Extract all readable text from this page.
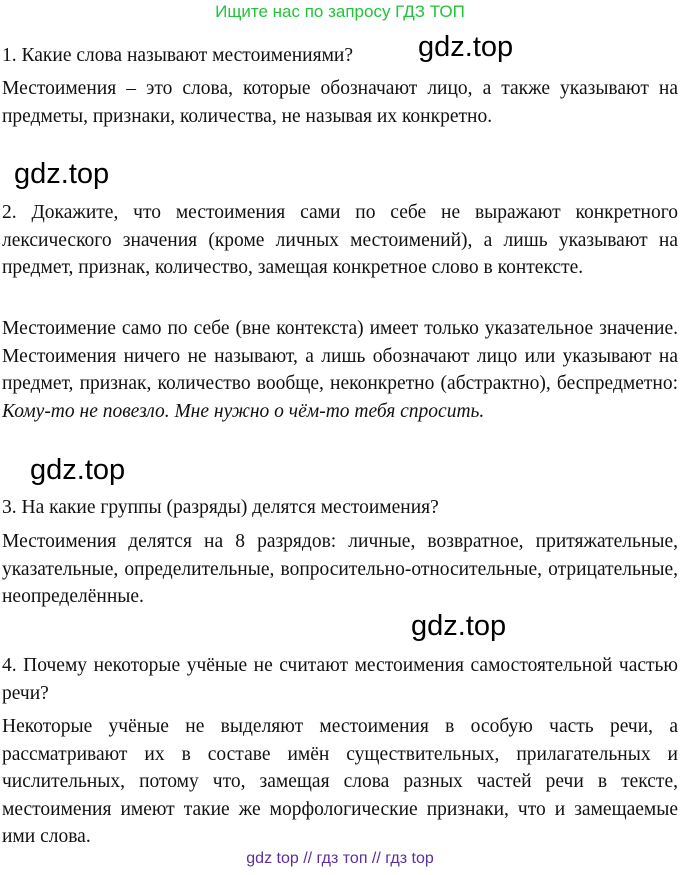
Ищите нас по запросу ГДЗ ТОП

1. Какие слова называют местоимениями?

Местоимения – это слова, которые обозначают лицо, а также указывают на предметы, признаки, количества, не называя их конкретно.

2. Докажите, что местоимения сами по себе не выражают конкретного лексического значения (кроме личных местоимений), а лишь указывают на предмет, признак, количество, замещая конкретное слово в контексте.

Местоимение само по себе (вне контекста) имеет только указательное значение. Местоимения ничего не называют, а лишь обозначают лицо или указывают на предмет, признак, количество вообще, неконкретно (абстрактно), беспредметно: Кому-то не повезло. Мне нужно о чём-то тебя спросить.

3. На какие группы (разряды) делятся местоимения?

Местоимения делятся на 8 разрядов: личные, возвратное, притяжательные, указательные, определительные, вопросительно-относительные, отрицательные, неопределённые.

4. Почему некоторые учёные не считают местоимения самостоятельной частью речи?

Некоторые учёные не выделяют местоимения в особую часть речи, а рассматривают их в составе имён существительных, прилагательных и числительных, потому что, замещая слова разных частей речи в тексте, местоимения имеют такие же морфологические признаки, что и замещаемые ими слова.

gdz.top
gdz.top
gdz.top
gdz.top
gdz top // гдз топ // гдз top
